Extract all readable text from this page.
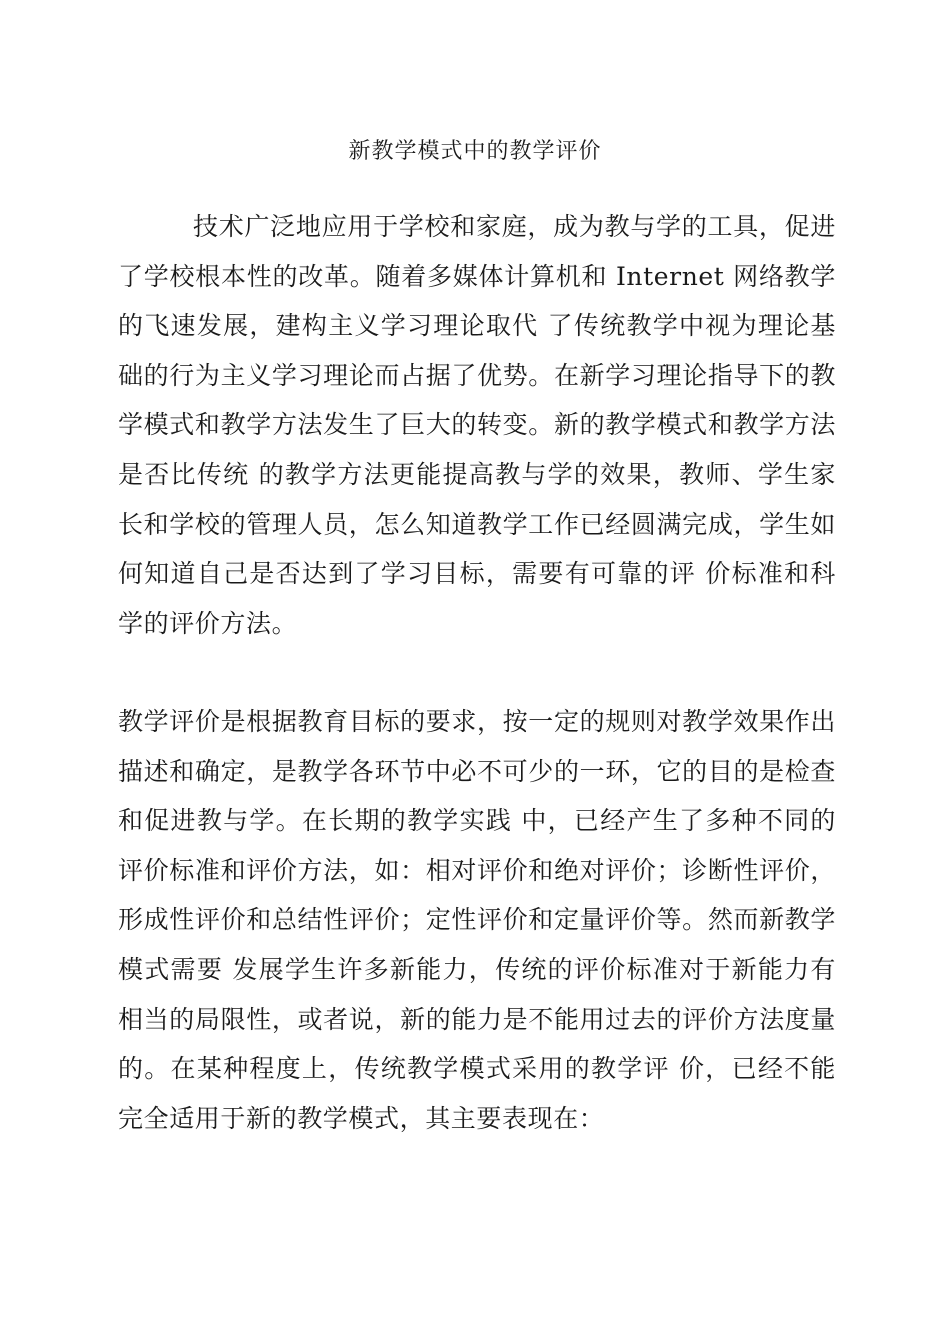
新教学模式中的教学评价

技术广泛地应用于学校和家庭，成为教与学的工具，促进了学校根本性的改革。随着多媒体计算机和 Internet 网络教学的飞速发展，建构主义学习理论取代 了传统教学中视为理论基础的行为主义学习理论而占据了优势。在新学习理论指导下的教学模式和教学方法发生了巨大的转变。新的教学模式和教学方法是否比传统 的教学方法更能提高教与学的效果，教师、学生家长和学校的管理人员，怎么知道教学工作已经圆满完成，学生如何知道自己是否达到了学习目标，需要有可靠的评 价标准和科学的评价方法。

教学评价是根据教育目标的要求，按一定的规则对教学效果作出描述和确定，是教学各环节中必不可少的一环，它的目的是检查和促进教与学。在长期的教学实践 中，已经产生了多种不同的评价标准和评价方法，如：相对评价和绝对评价；诊断性评价，形成性评价和总结性评价；定性评价和定量评价等。然而新教学模式需要 发展学生许多新能力，传统的评价标准对于新能力有相当的局限性，或者说，新的能力是不能用过去的评价方法度量的。在某种程度上，传统教学模式采用的教学评 价，已经不能完全适用于新的教学模式，其主要表现在：
